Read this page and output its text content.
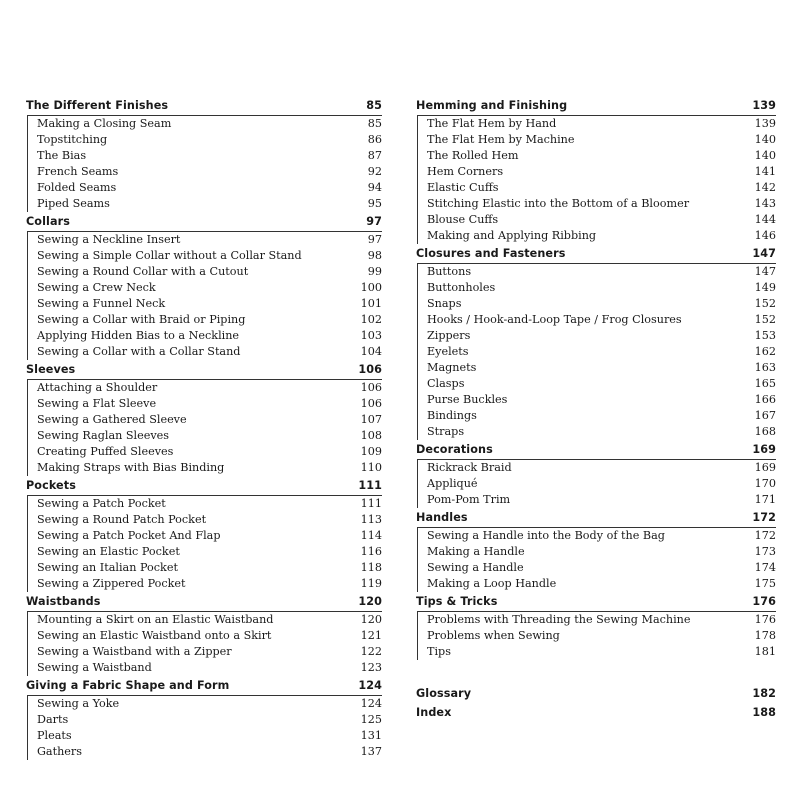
The Different Finishes	85
Making a Closing Seam	85
Topstitching	86
The Bias	87
French Seams	92
Folded Seams	94
Piped Seams	95
Collars	97
Sewing a Neckline Insert	97
Sewing a Simple Collar without a Collar Stand	98
Sewing a Round Collar with a Cutout	99
Sewing a Crew Neck	100
Sewing a Funnel Neck	101
Sewing a Collar with Braid or Piping	102
Applying Hidden Bias to a Neckline	103
Sewing a Collar with a Collar Stand	104
Sleeves	106
Attaching a Shoulder	106
Sewing a Flat Sleeve	106
Sewing a Gathered Sleeve	107
Sewing Raglan Sleeves	108
Creating Puffed Sleeves	109
Making Straps with Bias Binding	110
Pockets	111
Sewing a Patch Pocket	111
Sewing a Round Patch Pocket	113
Sewing a Patch Pocket And Flap	114
Sewing an Elastic Pocket	116
Sewing an Italian Pocket	118
Sewing a Zippered Pocket	119
Waistbands	120
Mounting a Skirt on an Elastic Waistband	120
Sewing an Elastic Waistband onto a Skirt	121
Sewing a Waistband with a Zipper	122
Sewing a Waistband	123
Giving a Fabric Shape and Form	124
Sewing a Yoke	124
Darts	125
Pleats	131
Gathers	137
Hemming and Finishing	139
The Flat Hem by Hand	139
The Flat Hem by Machine	140
The Rolled Hem	140
Hem Corners	141
Elastic Cuffs	142
Stitching Elastic into the Bottom of a Bloomer	143
Blouse Cuffs	144
Making and Applying Ribbing	146
Closures and Fasteners	147
Buttons	147
Buttonholes	149
Snaps	152
Hooks / Hook-and-Loop Tape / Frog Closures	152
Zippers	153
Eyelets	162
Magnets	163
Clasps	165
Purse Buckles	166
Bindings	167
Straps	168
Decorations	169
Rickrack Braid	169
Appliqué	170
Pom-Pom Trim	171
Handles	172
Sewing a Handle into the Body of the Bag	172
Making a Handle	173
Sewing a Handle	174
Making a Loop Handle	175
Tips & Tricks	176
Problems with Threading the Sewing Machine	176
Problems when Sewing	178
Tips	181
Glossary	182
Index	188
